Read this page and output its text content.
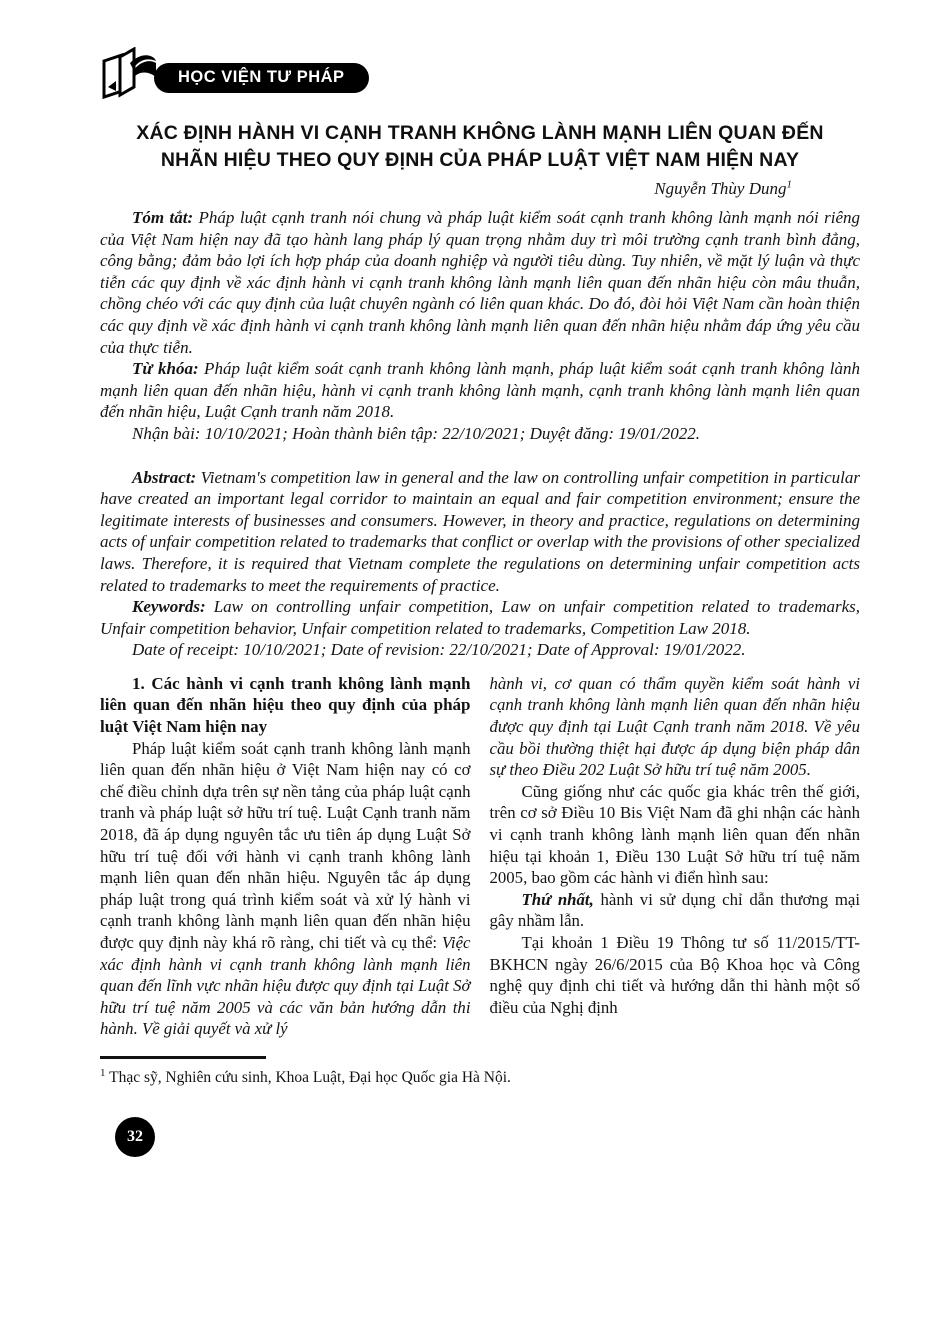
HỌC VIỆN TƯ PHÁP
XÁC ĐỊNH HÀNH VI CẠNH TRANH KHÔNG LÀNH MẠNH LIÊN QUAN ĐẾN
NHÃN HIỆU THEO QUY ĐỊNH CỦA PHÁP LUẬT VIỆT NAM HIỆN NAY
Nguyễn Thùy Dung$^1$

Tóm tắt: Pháp luật cạnh tranh nói chung và pháp luật kiểm soát cạnh tranh không lành mạnh nói riêng của Việt Nam hiện nay đã tạo hành lang pháp lý quan trọng nhằm duy trì môi trường cạnh tranh bình đẳng, công bằng; đảm bảo lợi ích hợp pháp của doanh nghiệp và người tiêu dùng. Tuy nhiên, về mặt lý luận và thực tiễn các quy định về xác định hành vi cạnh tranh không lành mạnh liên quan đến nhãn hiệu còn mâu thuẫn, chồng chéo với các quy định của luật chuyên ngành có liên quan khác. Do đó, đòi hỏi Việt Nam cần hoàn thiện các quy định về xác định hành vi cạnh tranh không lành mạnh liên quan đến nhãn hiệu nhằm đáp ứng yêu cầu của thực tiễn.

Từ khóa: Pháp luật kiểm soát cạnh tranh không lành mạnh, pháp luật kiểm soát cạnh tranh không lành mạnh liên quan đến nhãn hiệu, hành vi cạnh tranh không lành mạnh, cạnh tranh không lành mạnh liên quan đến nhãn hiệu, Luật Cạnh tranh năm 2018.

Nhận bài: 10/10/2021; Hoàn thành biên tập: 22/10/2021; Duyệt đăng: 19/01/2022.

Abstract: Vietnam's competition law in general and the law on controlling unfair competition in particular have created an important legal corridor to maintain an equal and fair competition environment; ensure the legitimate interests of businesses and consumers. However, in theory and practice, regulations on determining acts of unfair competition related to trademarks that conflict or overlap with the provisions of other specialized laws. Therefore, it is required that Vietnam complete the regulations on determining unfair competition acts related to trademarks to meet the requirements of practice.

Keywords: Law on controlling unfair competition, Law on unfair competition related to trademarks, Unfair competition behavior, Unfair competition related to trademarks, Competition Law 2018.

Date of receipt: 10/10/2021; Date of revision: 22/10/2021; Date of Approval: 19/01/2022.

1. Các hành vi cạnh tranh không lành mạnh liên quan đến nhãn hiệu theo quy định của pháp luật Việt Nam hiện nay

Pháp luật kiểm soát cạnh tranh không lành mạnh liên quan đến nhãn hiệu ở Việt Nam hiện nay có cơ chế điều chỉnh dựa trên sự nền tảng của pháp luật cạnh tranh và pháp luật sở hữu trí tuệ. Luật Cạnh tranh năm 2018, đã áp dụng nguyên tắc ưu tiên áp dụng Luật Sở hữu trí tuệ đối với hành vi cạnh tranh không lành mạnh liên quan đến nhãn hiệu. Nguyên tắc áp dụng pháp luật trong quá trình kiểm soát và xử lý hành vi cạnh tranh không lành mạnh liên quan đến nhãn hiệu được quy định này khá rõ ràng, chi tiết và cụ thể: Việc xác định hành vi cạnh tranh không lành mạnh liên quan đến lĩnh vực nhãn hiệu được quy định tại Luật Sở hữu trí tuệ năm 2005 và các văn bản hướng dẫn thi hành. Về giải quyết và xử lý

hành vi, cơ quan có thẩm quyền kiểm soát hành vi cạnh tranh không lành mạnh liên quan đến nhãn hiệu được quy định tại Luật Cạnh tranh năm 2018. Về yêu cầu bồi thường thiệt hại được áp dụng biện pháp dân sự theo Điều 202 Luật Sở hữu trí tuệ năm 2005.

Cũng giống như các quốc gia khác trên thế giới, trên cơ sở Điều 10 Bis Việt Nam đã ghi nhận các hành vi cạnh tranh không lành mạnh liên quan đến nhãn hiệu tại khoản 1, Điều 130 Luật Sở hữu trí tuệ năm 2005, bao gồm các hành vi điển hình sau:

Thứ nhất, hành vi sử dụng chỉ dẫn thương mại gây nhầm lẫn.

Tại khoản 1 Điều 19 Thông tư số 11/2015/TT-BKHCN ngày 26/6/2015 của Bộ Khoa học và Công nghệ quy định chi tiết và hướng dẫn thi hành một số điều của Nghị định

$^1$ Thạc sỹ, Nghiên cứu sinh, Khoa Luật, Đại học Quốc gia Hà Nội.
32
